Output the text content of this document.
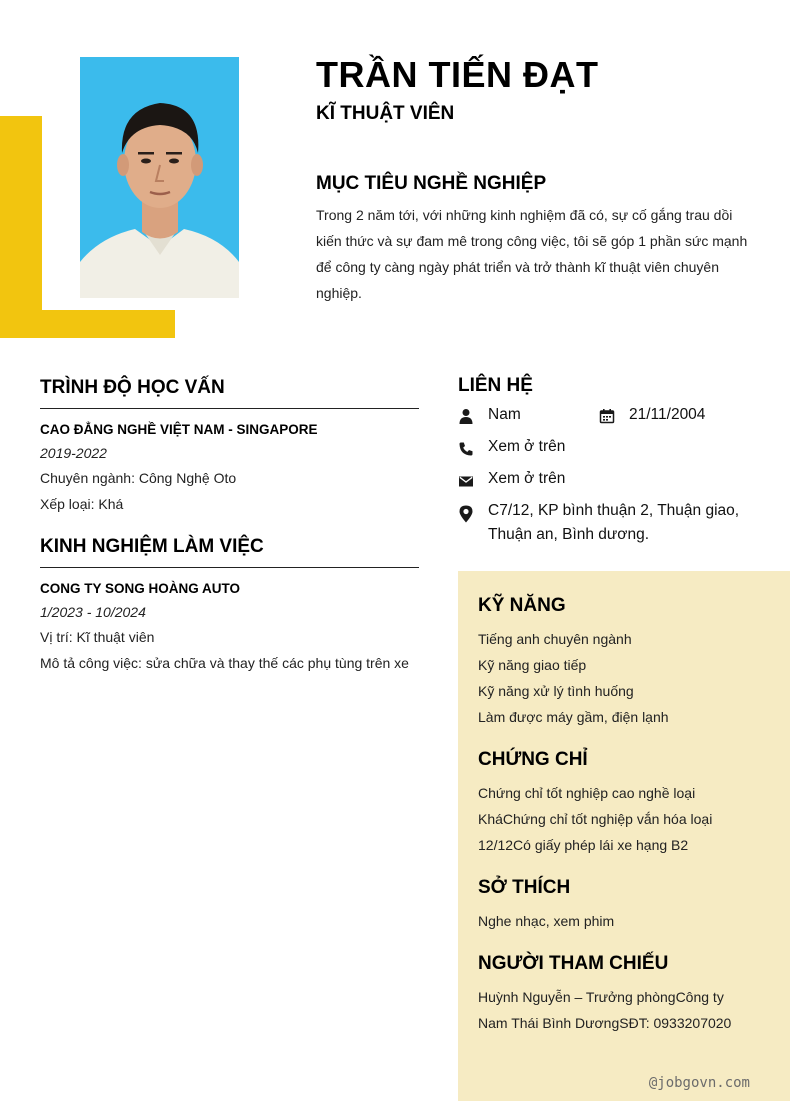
TRẦN TIẾN ĐẠT
KĨ THUẬT VIÊN
MỤC TIÊU NGHỀ NGHIỆP
Trong 2 năm tới, với những kinh nghiệm đã có, sự cố gắng trau dồi kiến thức và sự đam mê trong công việc, tôi sẽ góp 1 phần sức mạnh để công ty càng ngày phát triển và trở thành kĩ thuật viên chuyên nghiệp.
TRÌNH ĐỘ HỌC VẤN
CAO ĐẲNG NGHỀ VIỆT NAM - SINGAPORE
2019-2022
Chuyên ngành: Công Nghệ Oto
Xếp loại: Khá
KINH NGHIỆM LÀM VIỆC
CONG TY SONG HOÀNG AUTO
1/2023 - 10/2024
Vị trí: Kĩ thuật viên
Mô tả công việc: sửa chữa và thay thế các phụ tùng trên xe
LIÊN HỆ
Nam	21/11/2004
Xem ở trên
Xem ở trên
C7/12, KP bình thuận 2, Thuận giao, Thuận an, Bình dương.
KỸ NĂNG
Tiếng anh chuyên ngành
Kỹ năng giao tiếp
Kỹ năng xử lý tình huống
Làm được máy gầm, điện lạnh
CHỨNG CHỈ
Chứng chỉ tốt nghiệp cao nghề loại KháChứng chỉ tốt nghiệp vắn hóa loại 12/12Có giấy phép lái xe hạng B2
SỞ THÍCH
Nghe nhạc, xem phim
NGƯỜI THAM CHIẾU
Huỳnh Nguyễn – Trưởng phòngCông ty Nam Thái Bình DươngSĐT: 0933207020
@jobgovn.com
